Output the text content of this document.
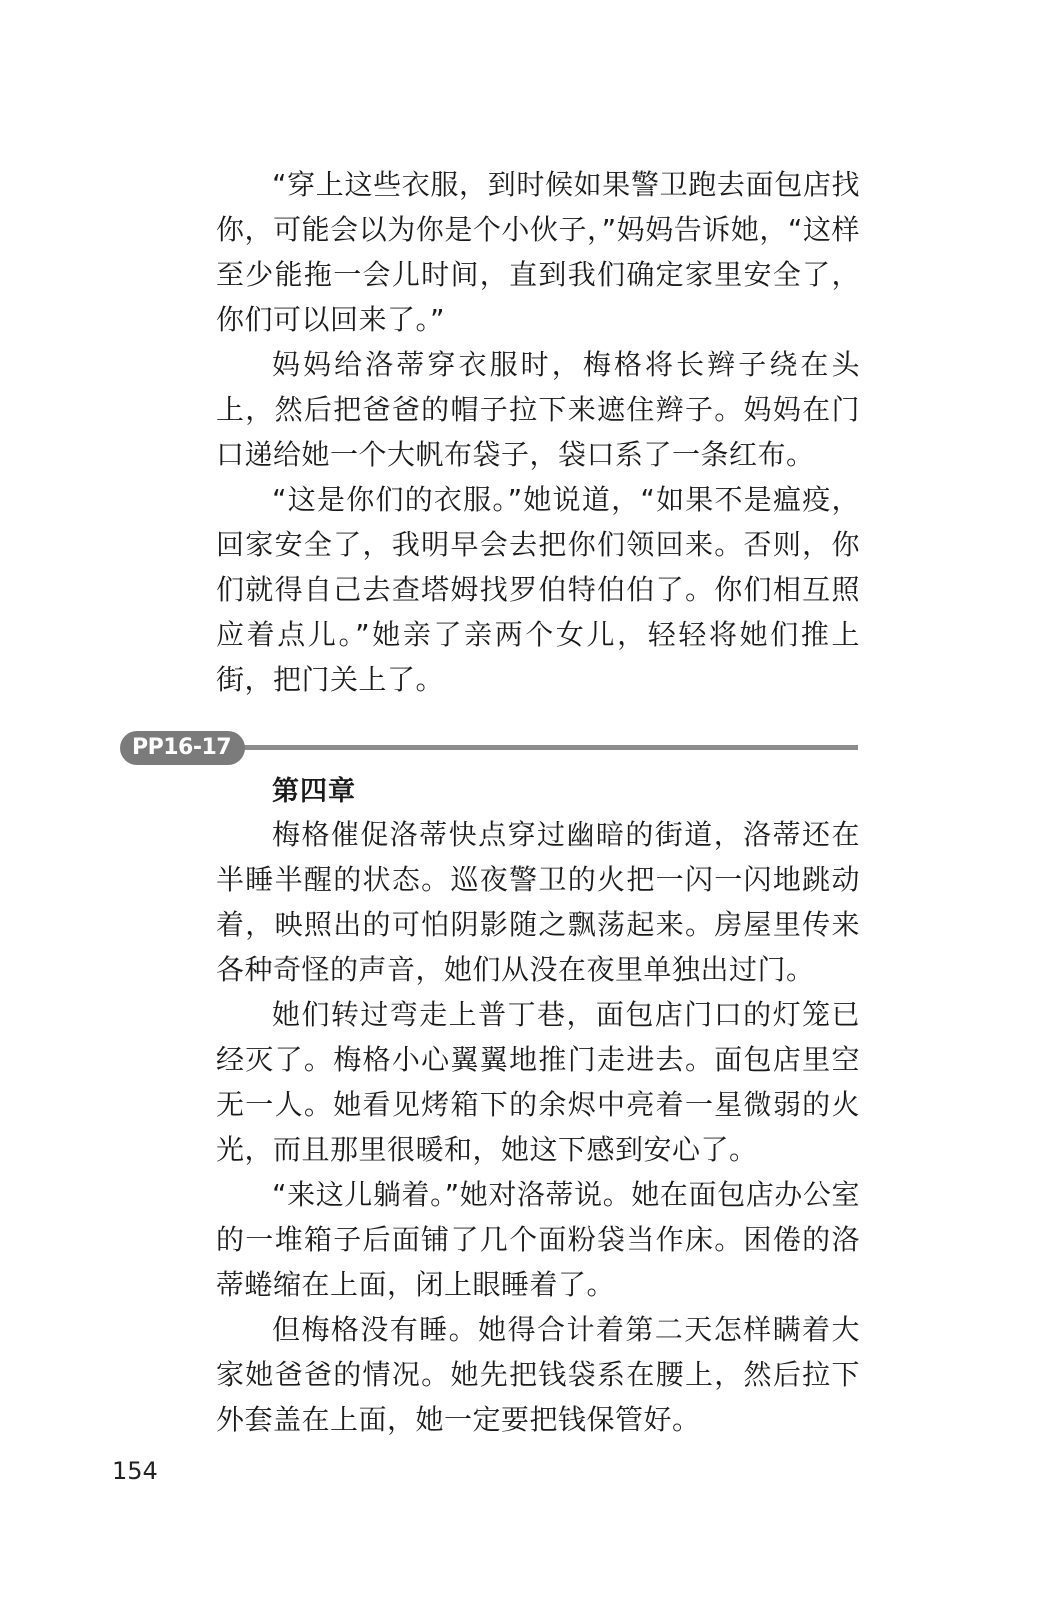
“穿上这些衣服，到时候如果警卫跑去面包店找你，可能会以为你是个小伙子，”妈妈告诉她，“这样至少能拖一会儿时间，直到我们确定家里安全了，你们可以回来了。”

妈妈给洛蒂穿衣服时，梅格将长辫子绕在头上，然后把爸爸的帽子拉下来遮住辫子。妈妈在门口递给她一个大帆布袋子，袋口系了一条红布。

“这是你们的衣服。”她说道，“如果不是瘟疫，回家安全了，我明早会去把你们领回来。否则，你们就得自己去查塔姆找罗伯特伯伯了。你们相互照应着点儿。”她亲了亲两个女儿，轻轻将她们推上街，把门关上了。

PP16-17
第四章

梅格催促洛蒂快点穿过幽暗的街道，洛蒂还在半睡半醒的状态。巡夜警卫的火把一闪一闪地跳动着，映照出的可怕阴影随之飘荡起来。房屋里传来各种奇怪的声音，她们从没在夜里单独出过门。

她们转过弯走上普丁巷，面包店门口的灯笼已经灭了。梅格小心翼翼地推门走进去。面包店里空无一人。她看见烤箱下的余烬中亮着一星微弱的火光，而且那里很暖和，她这下感到安心了。

“来这儿躺着。”她对洛蒂说。她在面包店办公室的一堆箱子后面铺了几个面粉袋当作床。困倦的洛蒂蜷缩在上面，闭上眼睡着了。

但梅格没有睡。她得合计着第二天怎样瞒着大家她爸爸的情况。她先把钱袋系在腰上，然后拉下外套盖在上面，她一定要把钱保管好。

154
